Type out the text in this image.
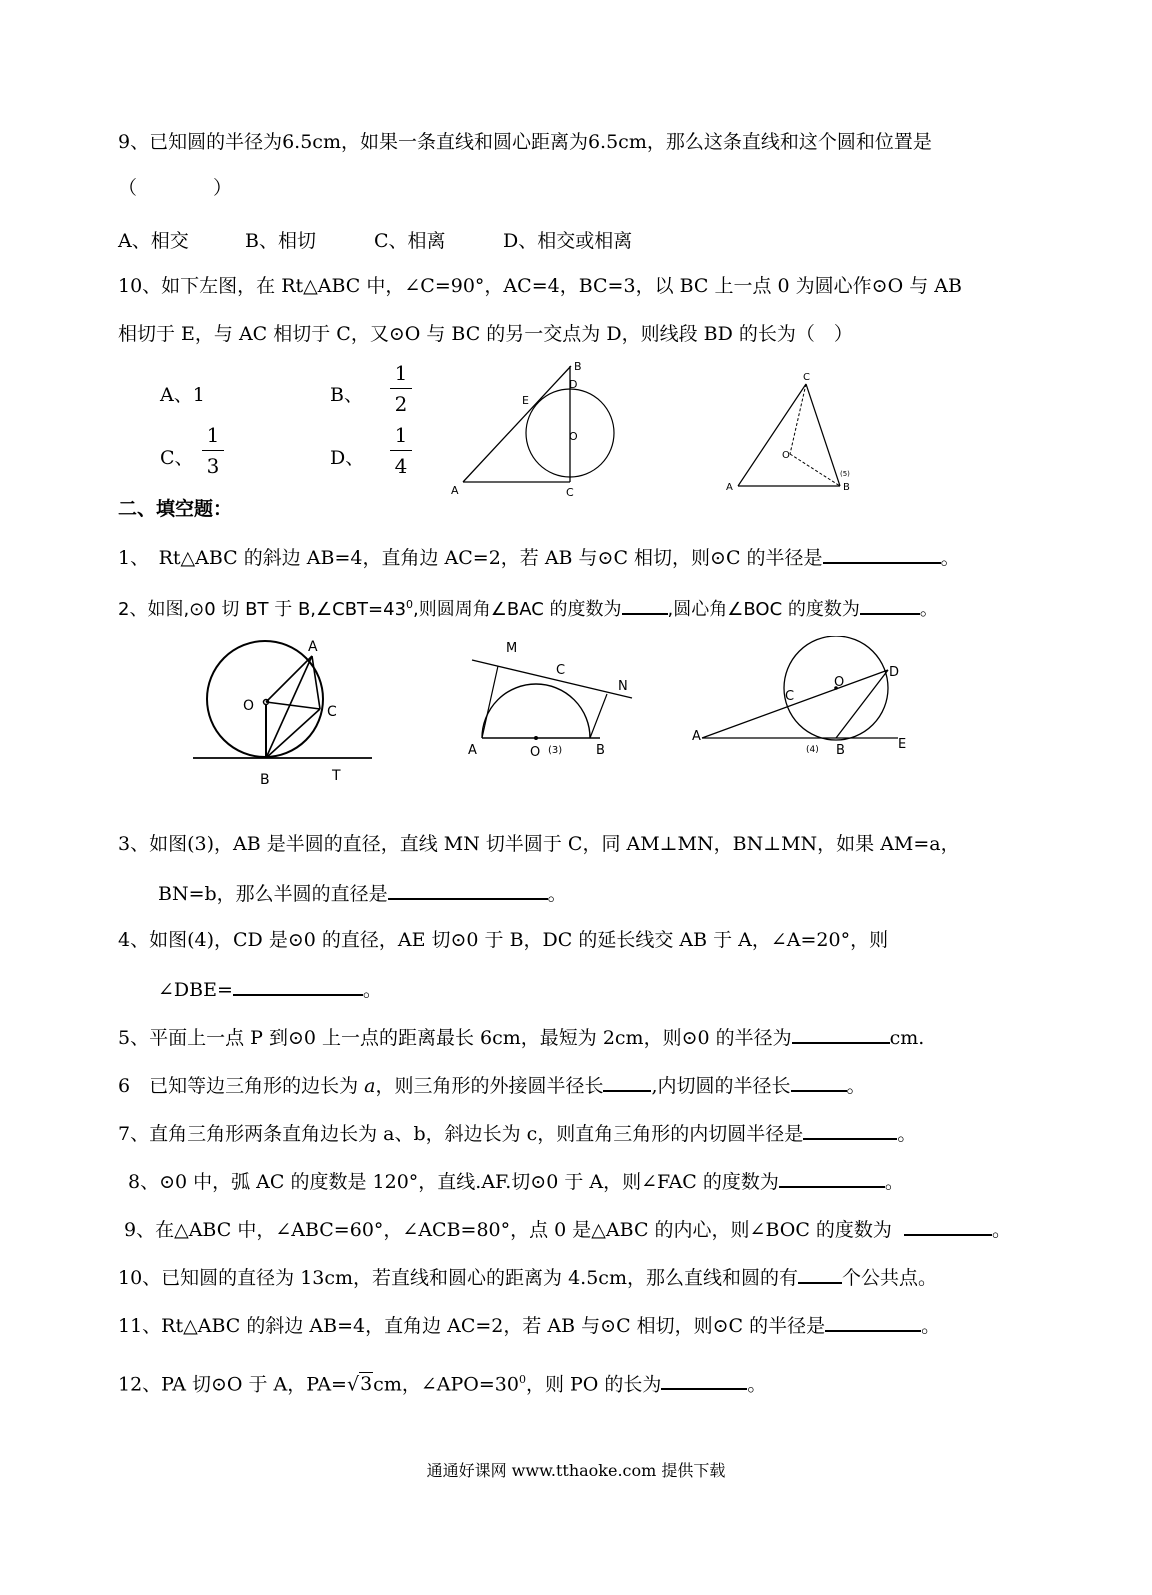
9、已知圆的半径为6.5cm，如果一条直线和圆心距离为6.5cm，那么这条直线和这个圆和位置是
（　　　　）
A、相交	B、相切	C、相离	D、相交或相离
10、如下左图，在 Rt△ABC 中，∠C=90°，AC=4，BC=3，以 BC 上一点 0 为圆心作⊙O 与 AB
相切于 E，与 AC 相切于 C，又⊙O 与 BC 的另一交点为 D，则线段 BD 的长为（　）
A、1	B、
1
2
C、
1
3	D、
1
4
A
B
C
D
E
O
A	B
C
O
(5)
二、填空题：
1、　Rt△ABC 的斜边 AB=4，直角边 AC=2，若 AB 与⊙C 相切，则⊙C 的半径是	。
2、如图,⊙0 切 BT 于 $B,\angle CBT=43^0$,则圆周角∠BAC 的度数为	,圆心角∠BOC 的度数为	。
A
O	C
B	T
M
C
N
A	O (3)	B
A
C
O
D
(4) B	E
3、如图(3)，AB 是半圆的直径，直线 MN 切半圆于 C，同 AM⊥MN，BN⊥MN，如果 AM=a，
BN=b，那么半圆的直径是	。
4、如图(4)，CD 是⊙0 的直径，AE 切⊙0 于 B，DC 的延长线交 AB 于 A，∠A=20°，则
∠DBE=	。
5、平面上一点 P 到⊙0 上一点的距离最长 6cm，最短为 2cm，则⊙0 的半径为	cm.
6　已知等边三角形的边长为 a，则三角形的外接圆半径长	,内切圆的半径长	。
7、直角三角形两条直角边长为 a、b，斜边长为 c，则直角三角形的内切圆半径是	。
8、⊙0 中，弧 AC 的度数是 120°，直线.AF.切⊙0 于 A，则∠FAC 的度数为	。
9、在△ABC 中，∠ABC=60°，∠ACB=80°，点 0 是△ABC 的内心，则∠BOC 的度数为	。
10、已知圆的直径为 13cm，若直线和圆心的距离为 4.5cm，那么直线和圆的有 个公共点。
11、Rt△ABC 的斜边 AB=4，直角边 AC=2，若 AB 与⊙C 相切，则⊙C 的半径是	。
12、PA 切⊙O 于 A，PA=√3cm，$\angle APO=30^0$，则 PO 的长为	。
通通好课网 www.tthaoke.com 提供下载
